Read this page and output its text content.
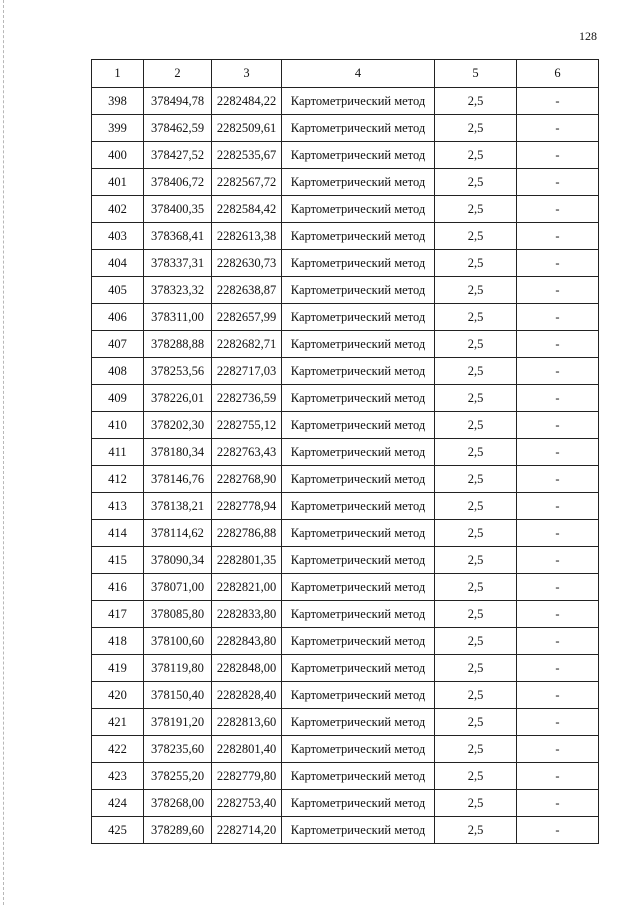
128
1	2	3	4	5	6
398	378494,78	2282484,22	Картометрический метод	2,5	-
399	378462,59	2282509,61	Картометрический метод	2,5	-
400	378427,52	2282535,67	Картометрический метод	2,5	-
401	378406,72	2282567,72	Картометрический метод	2,5	-
402	378400,35	2282584,42	Картометрический метод	2,5	-
403	378368,41	2282613,38	Картометрический метод	2,5	-
404	378337,31	2282630,73	Картометрический метод	2,5	-
405	378323,32	2282638,87	Картометрический метод	2,5	-
406	378311,00	2282657,99	Картометрический метод	2,5	-
407	378288,88	2282682,71	Картометрический метод	2,5	-
408	378253,56	2282717,03	Картометрический метод	2,5	-
409	378226,01	2282736,59	Картометрический метод	2,5	-
410	378202,30	2282755,12	Картометрический метод	2,5	-
411	378180,34	2282763,43	Картометрический метод	2,5	-
412	378146,76	2282768,90	Картометрический метод	2,5	-
413	378138,21	2282778,94	Картометрический метод	2,5	-
414	378114,62	2282786,88	Картометрический метод	2,5	-
415	378090,34	2282801,35	Картометрический метод	2,5	-
416	378071,00	2282821,00	Картометрический метод	2,5	-
417	378085,80	2282833,80	Картометрический метод	2,5	-
418	378100,60	2282843,80	Картометрический метод	2,5	-
419	378119,80	2282848,00	Картометрический метод	2,5	-
420	378150,40	2282828,40	Картометрический метод	2,5	-
421	378191,20	2282813,60	Картометрический метод	2,5	-
422	378235,60	2282801,40	Картометрический метод	2,5	-
423	378255,20	2282779,80	Картометрический метод	2,5	-
424	378268,00	2282753,40	Картометрический метод	2,5	-
425	378289,60	2282714,20	Картометрический метод	2,5	-
